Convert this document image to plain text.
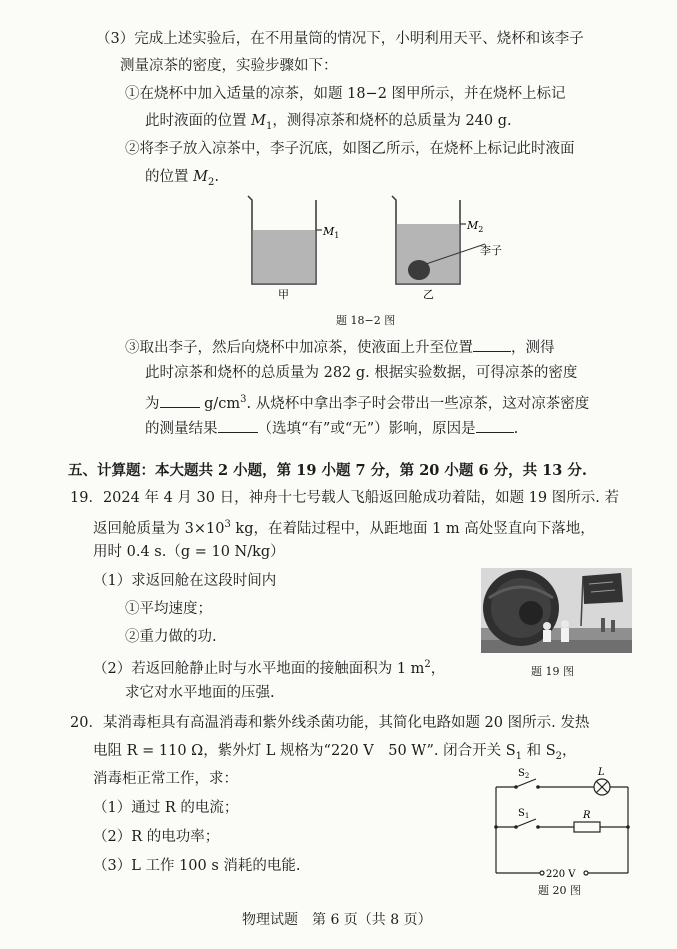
（3）完成上述实验后，在不用量筒的情况下，小明利用天平、烧杯和该李子
测量凉茶的密度，实验步骤如下：
①在烧杯中加入适量的凉茶，如题 18−2 图甲所示，并在烧杯上标记
此时液面的位置 $M_1$，测得凉茶和烧杯的总质量为 240 g.
②将李子放入凉茶中，李子沉底，如图乙所示，在烧杯上标记此时液面
的位置 $M_2$.
$M_1$
$M_2$
李子
甲	乙
题 18−2 图
③取出李子，然后向烧杯中加凉茶，使液面上升至位置	，测得
此时凉茶和烧杯的总质量为 282 g. 根据实验数据，可得凉茶的密度
为	$g/cm^3$. 从烧杯中拿出李子时会带出一些凉茶，这对凉茶密度
的测量结果	（选填“有”或“无”）影响，原因是	.
五、计算题：本大题共 2 小题，第 19 小题 7 分，第 20 小题 6 分，共 13 分.
19．2024 年 4 月 30 日，神舟十七号载人飞船返回舱成功着陆，如题 19 图所示. 若
返回舱质量为 $3\times 10^3$ kg，在着陆过程中，从距地面 1 m 高处竖直向下落地，
用时 0.4 s.（g = 10 N/kg）
（1）求返回舱在这段时间内
①平均速度；
②重力做的功.
（2）若返回舱静止时与水平地面的接触面积为 1 $m^2$，
求它对水平地面的压强.
题 19 图
20．某消毒柜具有高温消毒和紫外线杀菌功能，其简化电路如题 20 图所示. 发热
电阻 R = 110 Ω，紫外灯 L 规格为“220 V　50 W”. 闭合开关 $S_1$ 和 $S_2$，
消毒柜正常工作，求：
（1）通过 R 的电流；
（2）R 的电功率；
（3）L 工作 100 s 消耗的电能.
$S_2$	L
$S_1$	R
220 V
题 20 图
物理试题　第 6 页（共 8 页）
